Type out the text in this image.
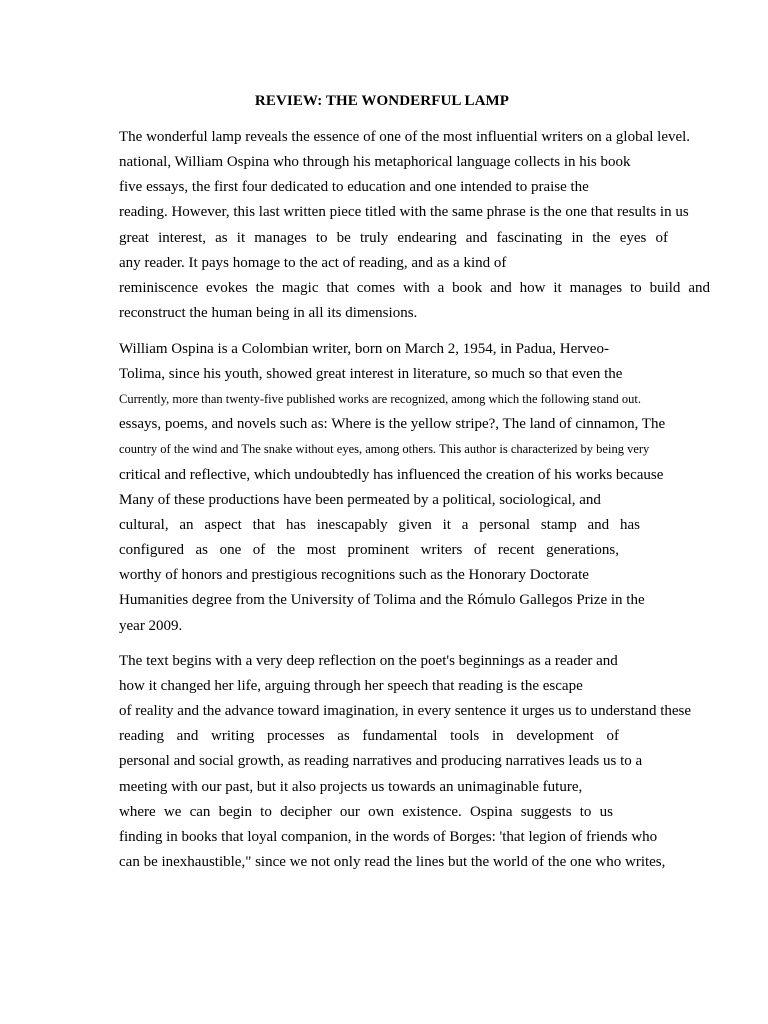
REVIEW: THE WONDERFUL LAMP
The wonderful lamp reveals the essence of one of the most influential writers on a global level.
national, William Ospina who through his metaphorical language collects in his book
five essays, the first four dedicated to education and one intended to praise the
reading. However, this last written piece titled with the same phrase is the one that results in us
great interest, as it manages to be truly endearing and fascinating in the eyes of
any reader. It pays homage to the act of reading, and as a kind of
reminiscence evokes the magic that comes with a book and how it manages to build and
reconstruct the human being in all its dimensions.
William Ospina is a Colombian writer, born on March 2, 1954, in Padua, Herveo-
Tolima, since his youth, showed great interest in literature, so much so that even the
Currently, more than twenty-five published works are recognized, among which the following stand out.
essays, poems, and novels such as: Where is the yellow stripe?, The land of cinnamon, The
country of the wind and The snake without eyes, among others. This author is characterized by being very
critical and reflective, which undoubtedly has influenced the creation of his works because
Many of these productions have been permeated by a political, sociological, and
cultural, an aspect that has inescapably given it a personal stamp and has
configured as one of the most prominent writers of recent generations,
worthy of honors and prestigious recognitions such as the Honorary Doctorate
Humanities degree from the University of Tolima and the Rómulo Gallegos Prize in the
year 2009.
The text begins with a very deep reflection on the poet's beginnings as a reader and
how it changed her life, arguing through her speech that reading is the escape
of reality and the advance toward imagination, in every sentence it urges us to understand these
reading and writing processes as fundamental tools in development of
personal and social growth, as reading narratives and producing narratives leads us to a
meeting with our past, but it also projects us towards an unimaginable future,
where we can begin to decipher our own existence. Ospina suggests to us
finding in books that loyal companion, in the words of Borges: 'that legion of friends who
can be inexhaustible," since we not only read the lines but the world of the one who writes,
